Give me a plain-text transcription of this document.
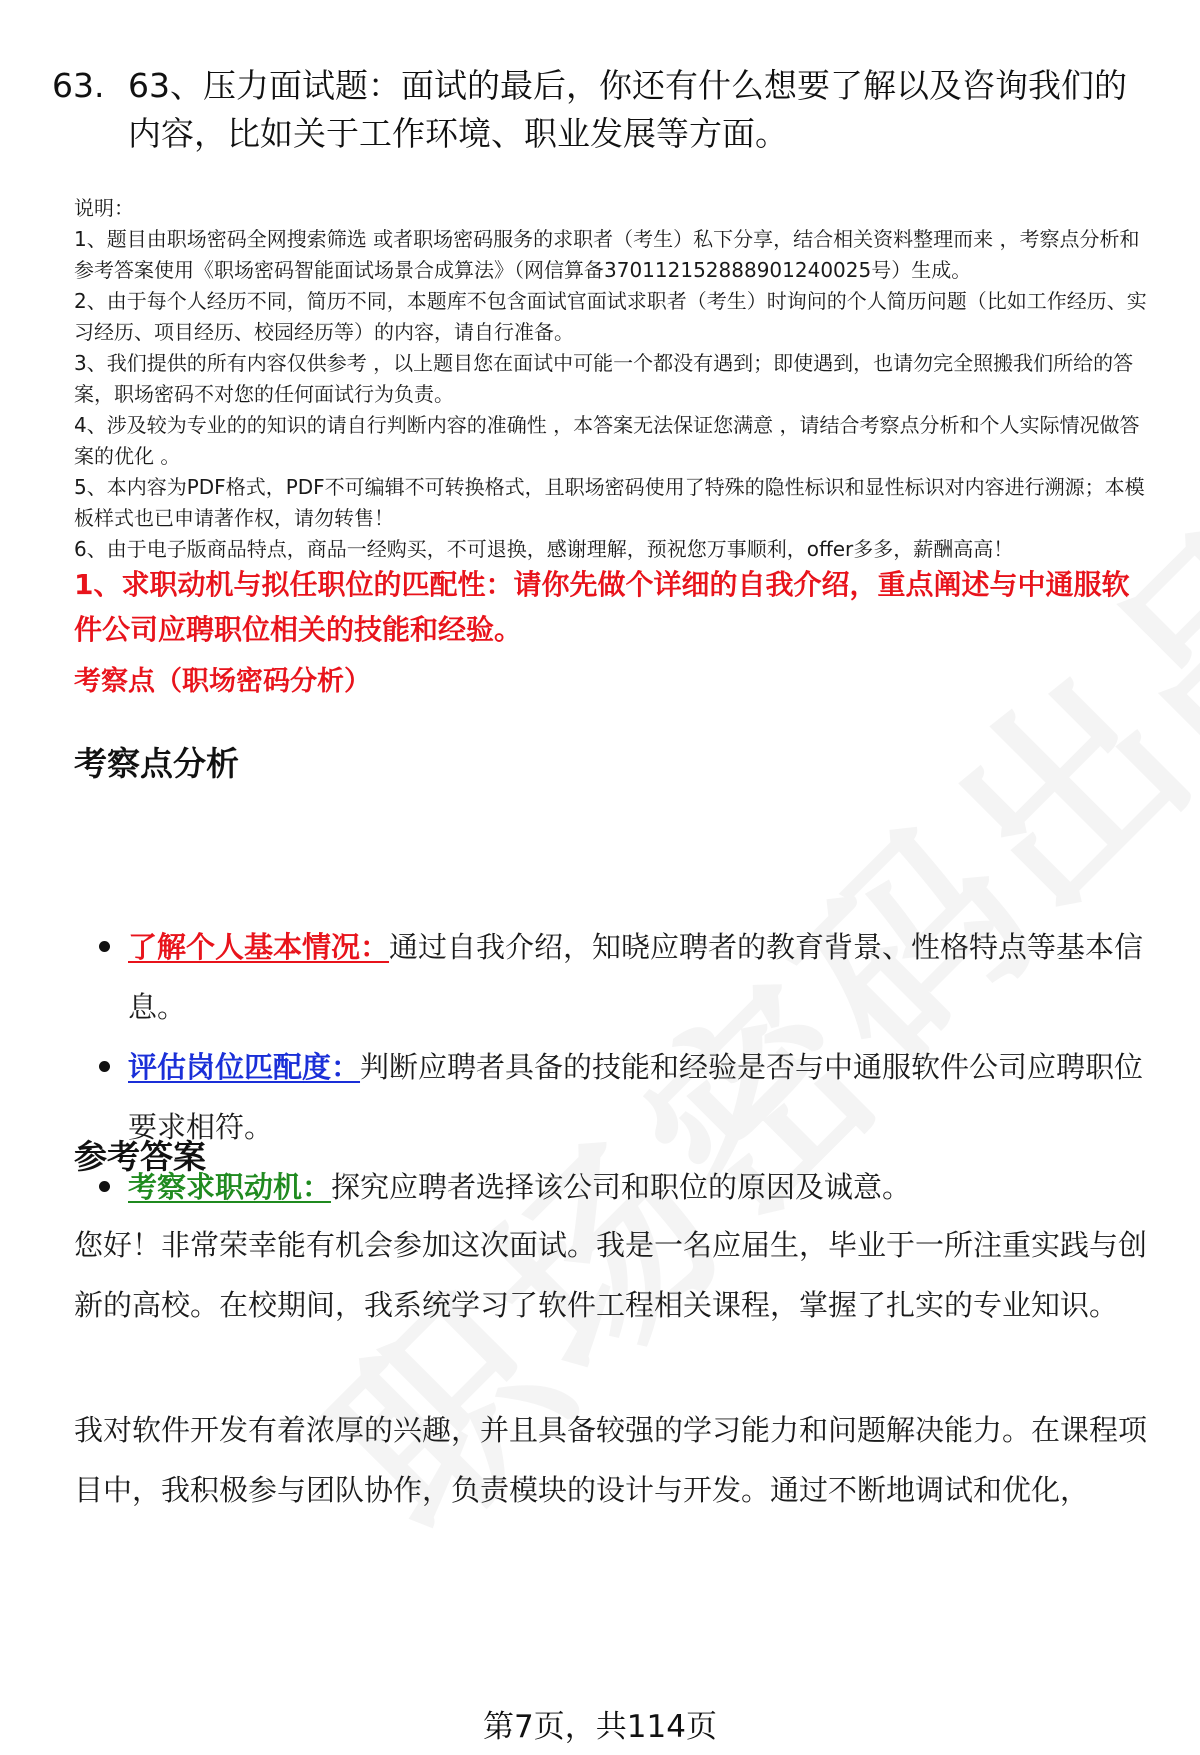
63. 63、压力面试题：面试的最后，你还有什么想要了解以及咨询我们的内容，比如关于工作环境、职业发展等方面。

说明：

1、题目由职场密码全网搜索筛选 或者职场密码服务的求职者（考生）私下分享，结合相关资料整理而来 ，考察点分析和参考答案使用《职场密码智能面试场景合成算法》（网信算备370112152888901240025号）生成。

2、由于每个人经历不同，简历不同，本题库不包含面试官面试求职者（考生）时询问的个人简历问题（比如工作经历、实习经历、项目经历、校园经历等）的内容，请自行准备。

3、我们提供的所有内容仅供参考 ，以上题目您在面试中可能一个都没有遇到；即使遇到，也请勿完全照搬我们所给的答案，职场密码不对您的任何面试行为负责。

4、涉及较为专业的的知识的请自行判断内容的准确性 ，本答案无法保证您满意 ，请结合考察点分析和个人实际情况做答案的优化 。

5、本内容为PDF格式，PDF不可编辑不可转换格式，且职场密码使用了特殊的隐性标识和显性标识对内容进行溯源；本模板样式也已申请著作权，请勿转售！

6、由于电子版商品特点，商品一经购买，不可退换，感谢理解，预祝您万事顺利，offer多多，薪酬高高！

1、求职动机与拟任职位的匹配性：请你先做个详细的自我介绍，重点阐述与中通服软件公司应聘职位相关的技能和经验。
考察点（职场密码分析）
考察点分析
了解个人基本情况：通过自我介绍，知晓应聘者的教育背景、性格特点等基本信息。
评估岗位匹配度：判断应聘者具备的技能和经验是否与中通服软件公司应聘职位要求相符。
考察求职动机：探究应聘者选择该公司和职位的原因及诚意。
参考答案

您好！非常荣幸能有机会参加这次面试。我是一名应届生，毕业于一所注重实践与创新的高校。在校期间，我系统学习了软件工程相关课程，掌握了扎实的专业知识。

我对软件开发有着浓厚的兴趣，并且具备较强的学习能力和问题解决能力。在课程项目中，我积极参与团队协作，负责模块的设计与开发。通过不断地调试和优化，

第7页，共114页
